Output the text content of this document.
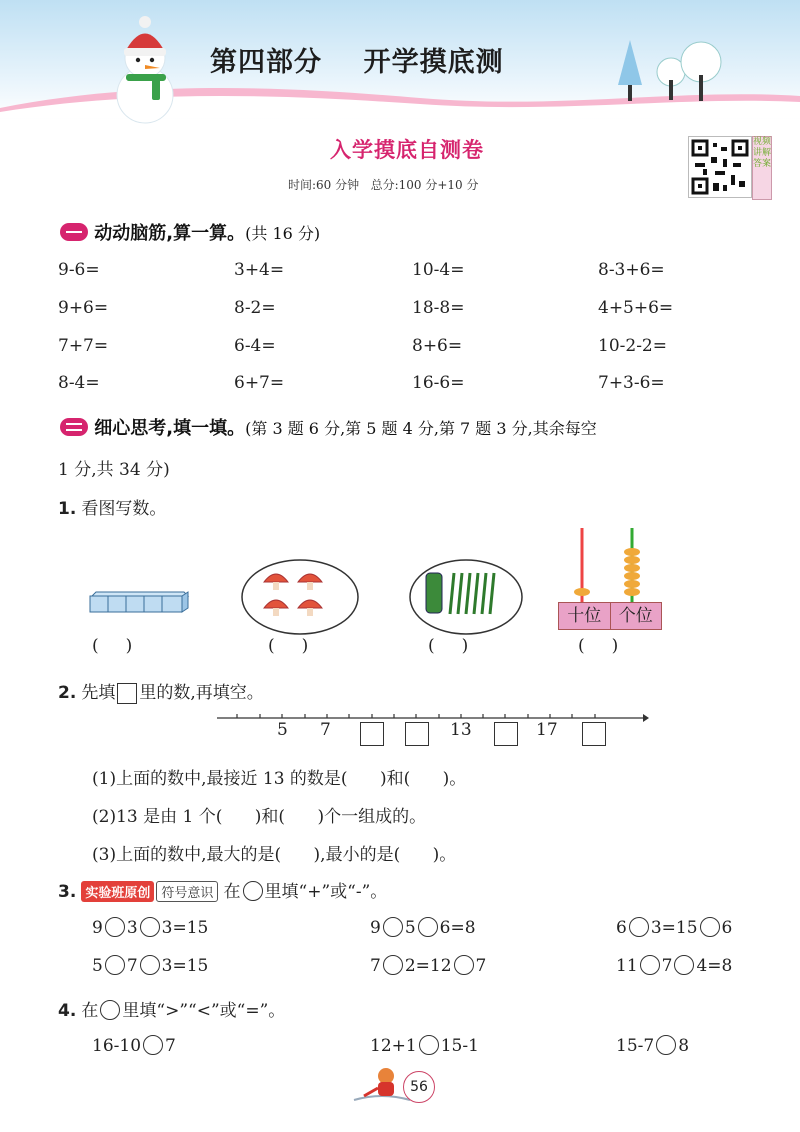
第四部分    开学摸底测
入学摸底自测卷
时间:60 分钟   总分:100 分+10 分
视频讲解答案
动动脑筋,算一算。(共 16 分)
9-6=	3+4=	10-4=	8-3+6=
9+6=	8-2=	18-8=	4+5+6=
7+7=	6-4=	8+6=	10-2-2=
8-4=	6+7=	16-6=	7+3-6=
细心思考,填一填。(第 3 题 6 分,第 5 题 4 分,第 7 题 3 分,其余每空
1 分,共 34 分)
1. 看图写数。
十位	个位
(     )	(     )	(     )	(     )
2. 先填 里的数,再填空。
5 7	13	17
(1)上面的数中,最接近 13 的数是(      )和(      )。
(2)13 是由 1 个(      )和(      )个一组成的。
(3)上面的数中,最大的是(      ),最小的是(      )。
3. 实验班原创 符号意识 在 里填“+”或“-”。
9 3 3=15	9 5 6=8	6 3=15 6
5 7 3=15	7 2=12 7	11 7 4=8
4. 在 里填“>”“<”或“=”。
16-10 7	12+1 15-1	15-7 8
56
